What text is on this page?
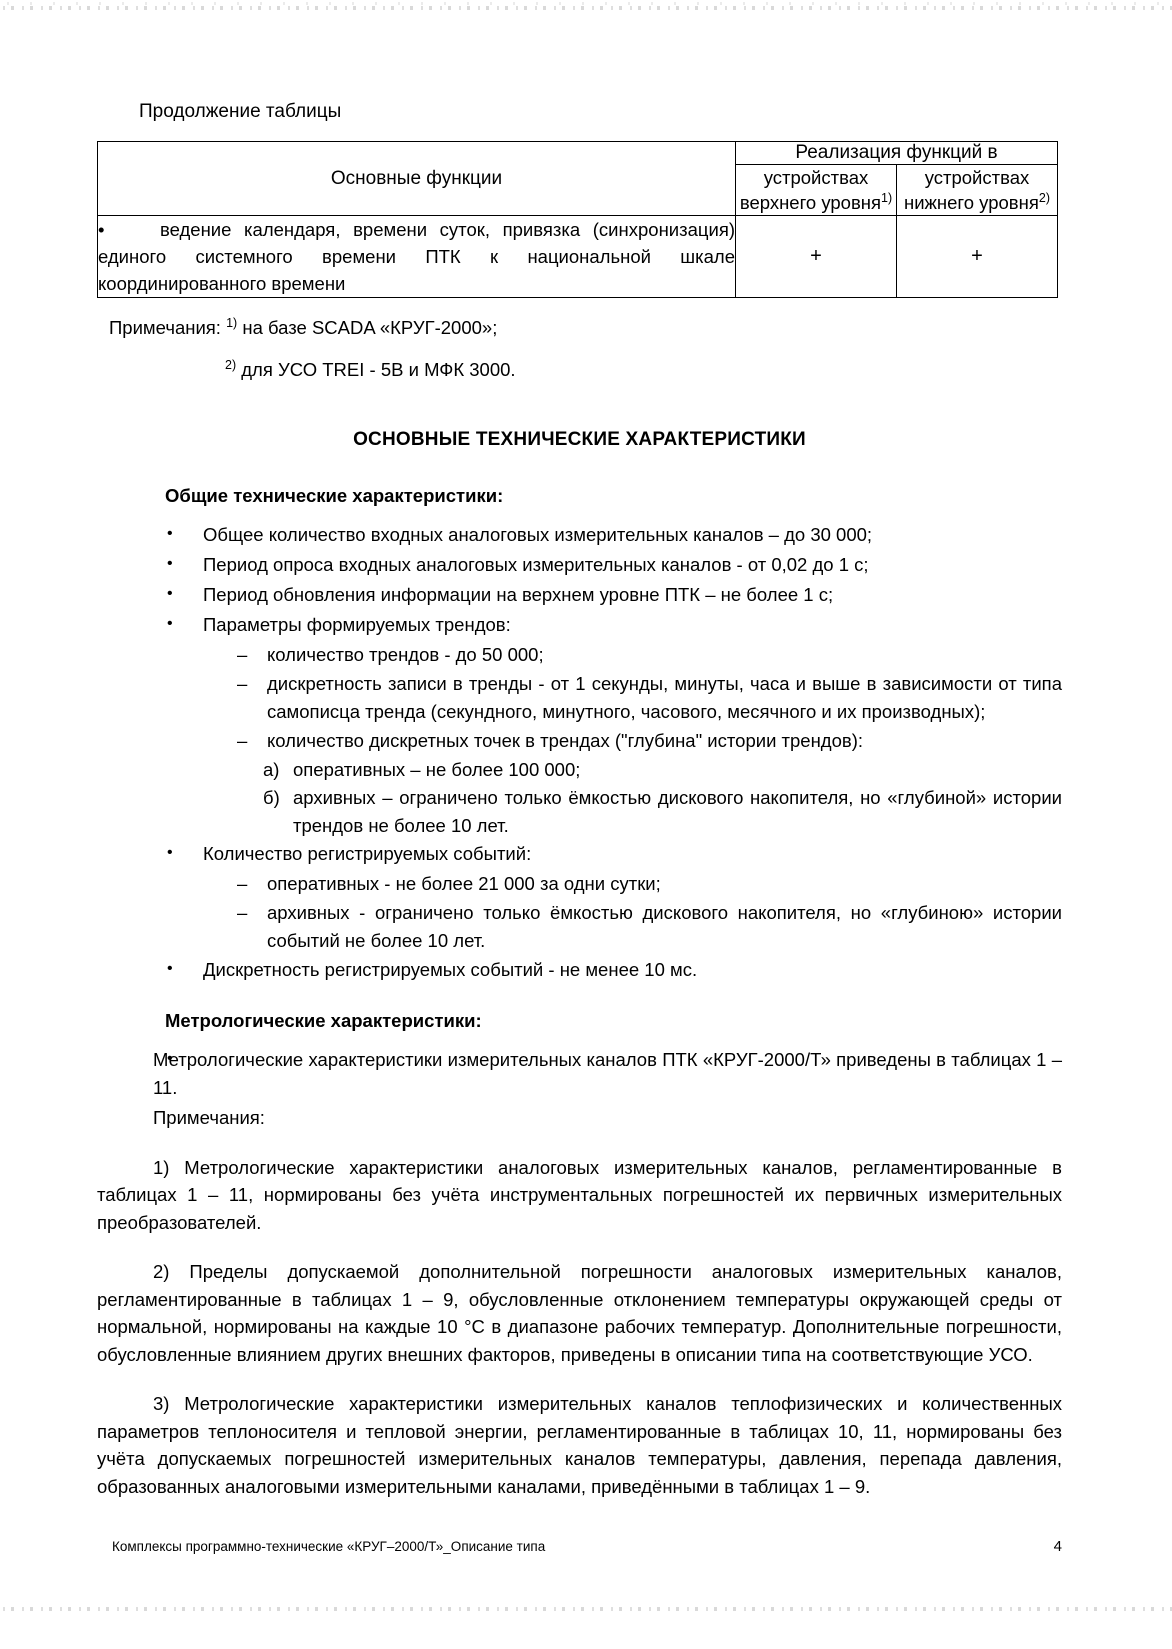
Продолжение таблицы
Основные функции	Реализация функций в	
	устройствах верхнего уровня$^{1)}$	устройствах нижнего уровня$^{2)}$
• ведение календаря, времени суток, привязка (синхронизация) единого системного времени ПТК к национальной шкале координированного времени	+	+
Примечания: $^{1)}$ на базе SCADA «КРУГ-2000»;
$^{2)}$ для УСО TREI - 5В и МФК 3000.
ОСНОВНЫЕ ТЕХНИЧЕСКИЕ ХАРАКТЕРИСТИКИ
Общие технические характеристики:
• Общее количество входных аналоговых измерительных каналов – до 30 000;
• Период опроса входных аналоговых измерительных каналов - от 0,02 до 1 с;
• Период обновления информации на верхнем уровне ПТК – не более 1 с;
• Параметры формируемых трендов:
– количество трендов - до 50 000;
– дискретность записи в тренды - от 1 секунды, минуты, часа и выше в зависимости от типа самописца тренда (секундного, минутного, часового, месячного и их производных);
– количество дискретных точек в трендах ("глубина" истории трендов):
а) оперативных – не более 100 000;
б) архивных – ограничено только ёмкостью дискового накопителя, но «глубиной» истории трендов не более 10 лет.
• Количество регистрируемых событий:
– оперативных - не более 21 000 за одни сутки;
– архивных - ограничено только ёмкостью дискового накопителя, но «глубиною» истории событий не более 10 лет.
• Дискретность регистрируемых событий - не менее 10 мс.
Метрологические характеристики:
• Метрологические характеристики измерительных каналов ПТК «КРУГ-2000/Т» приведены в таблицах 1 – 11.
Примечания:
1) Метрологические характеристики аналоговых измерительных каналов, регламентированные в таблицах 1 – 11, нормированы без учёта инструментальных погрешностей их первичных измерительных преобразователей.
2) Пределы допускаемой дополнительной погрешности аналоговых измерительных каналов, регламентированные в таблицах 1 – 9, обусловленные отклонением температуры окружающей среды от нормальной, нормированы на каждые 10 °С в диапазоне рабочих температур. Дополнительные погрешности, обусловленные влиянием других внешних факторов, приведены в описании типа на соответствующие УСО.
3) Метрологические характеристики измерительных каналов теплофизических и количественных параметров теплоносителя и тепловой энергии, регламентированные в таблицах 10, 11, нормированы без учёта допускаемых погрешностей измерительных каналов температуры, давления, перепада давления, образованных аналоговыми измерительными каналами, приведёнными в таблицах 1 – 9.
Комплексы программно-технические «КРУГ–2000/Т»_Описание типа	4
